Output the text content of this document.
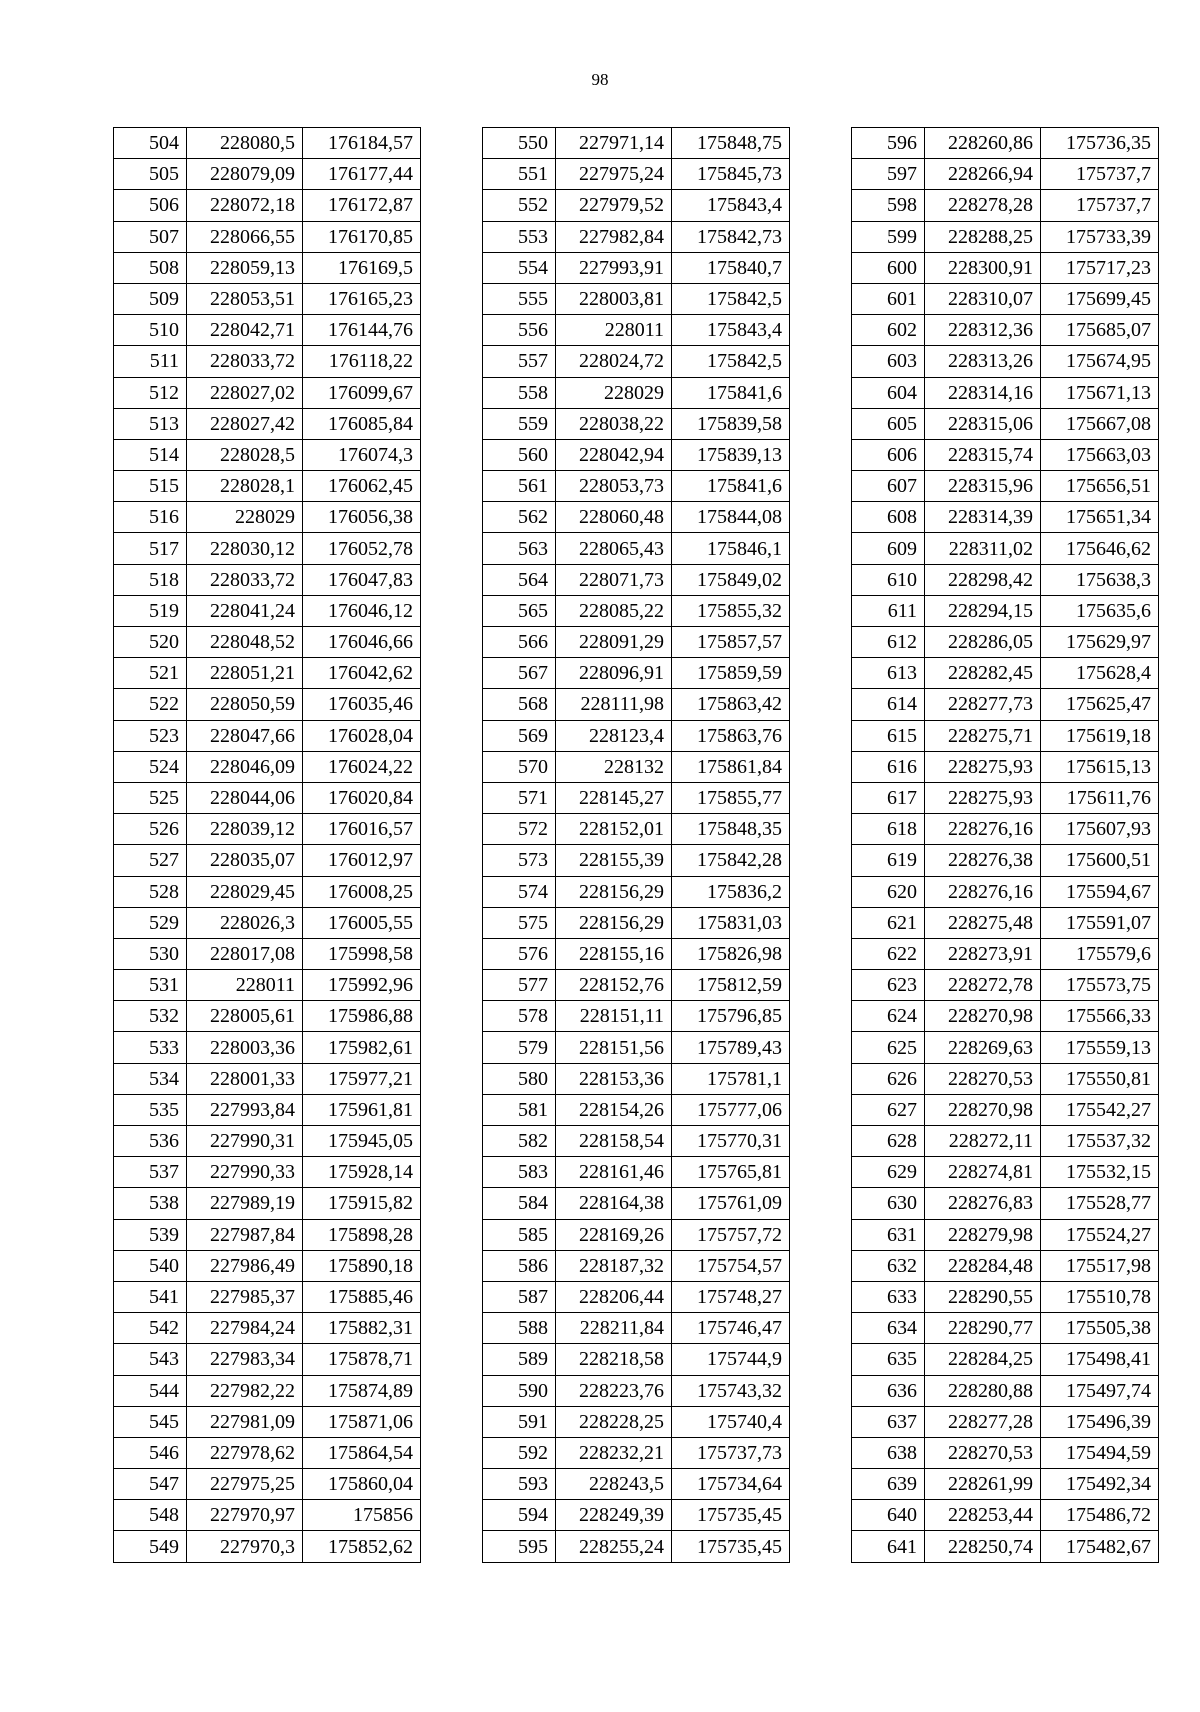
98
504	228080,5	176184,57
505	228079,09	176177,44
506	228072,18	176172,87
507	228066,55	176170,85
508	228059,13	176169,5
509	228053,51	176165,23
510	228042,71	176144,76
511	228033,72	176118,22
512	228027,02	176099,67
513	228027,42	176085,84
514	228028,5	176074,3
515	228028,1	176062,45
516	228029	176056,38
517	228030,12	176052,78
518	228033,72	176047,83
519	228041,24	176046,12
520	228048,52	176046,66
521	228051,21	176042,62
522	228050,59	176035,46
523	228047,66	176028,04
524	228046,09	176024,22
525	228044,06	176020,84
526	228039,12	176016,57
527	228035,07	176012,97
528	228029,45	176008,25
529	228026,3	176005,55
530	228017,08	175998,58
531	228011	175992,96
532	228005,61	175986,88
533	228003,36	175982,61
534	228001,33	175977,21
535	227993,84	175961,81
536	227990,31	175945,05
537	227990,33	175928,14
538	227989,19	175915,82
539	227987,84	175898,28
540	227986,49	175890,18
541	227985,37	175885,46
542	227984,24	175882,31
543	227983,34	175878,71
544	227982,22	175874,89
545	227981,09	175871,06
546	227978,62	175864,54
547	227975,25	175860,04
548	227970,97	175856
549	227970,3	175852,62
550	227971,14	175848,75
551	227975,24	175845,73
552	227979,52	175843,4
553	227982,84	175842,73
554	227993,91	175840,7
555	228003,81	175842,5
556	228011	175843,4
557	228024,72	175842,5
558	228029	175841,6
559	228038,22	175839,58
560	228042,94	175839,13
561	228053,73	175841,6
562	228060,48	175844,08
563	228065,43	175846,1
564	228071,73	175849,02
565	228085,22	175855,32
566	228091,29	175857,57
567	228096,91	175859,59
568	228111,98	175863,42
569	228123,4	175863,76
570	228132	175861,84
571	228145,27	175855,77
572	228152,01	175848,35
573	228155,39	175842,28
574	228156,29	175836,2
575	228156,29	175831,03
576	228155,16	175826,98
577	228152,76	175812,59
578	228151,11	175796,85
579	228151,56	175789,43
580	228153,36	175781,1
581	228154,26	175777,06
582	228158,54	175770,31
583	228161,46	175765,81
584	228164,38	175761,09
585	228169,26	175757,72
586	228187,32	175754,57
587	228206,44	175748,27
588	228211,84	175746,47
589	228218,58	175744,9
590	228223,76	175743,32
591	228228,25	175740,4
592	228232,21	175737,73
593	228243,5	175734,64
594	228249,39	175735,45
595	228255,24	175735,45
596	228260,86	175736,35
597	228266,94	175737,7
598	228278,28	175737,7
599	228288,25	175733,39
600	228300,91	175717,23
601	228310,07	175699,45
602	228312,36	175685,07
603	228313,26	175674,95
604	228314,16	175671,13
605	228315,06	175667,08
606	228315,74	175663,03
607	228315,96	175656,51
608	228314,39	175651,34
609	228311,02	175646,62
610	228298,42	175638,3
611	228294,15	175635,6
612	228286,05	175629,97
613	228282,45	175628,4
614	228277,73	175625,47
615	228275,71	175619,18
616	228275,93	175615,13
617	228275,93	175611,76
618	228276,16	175607,93
619	228276,38	175600,51
620	228276,16	175594,67
621	228275,48	175591,07
622	228273,91	175579,6
623	228272,78	175573,75
624	228270,98	175566,33
625	228269,63	175559,13
626	228270,53	175550,81
627	228270,98	175542,27
628	228272,11	175537,32
629	228274,81	175532,15
630	228276,83	175528,77
631	228279,98	175524,27
632	228284,48	175517,98
633	228290,55	175510,78
634	228290,77	175505,38
635	228284,25	175498,41
636	228280,88	175497,74
637	228277,28	175496,39
638	228270,53	175494,59
639	228261,99	175492,34
640	228253,44	175486,72
641	228250,74	175482,67
